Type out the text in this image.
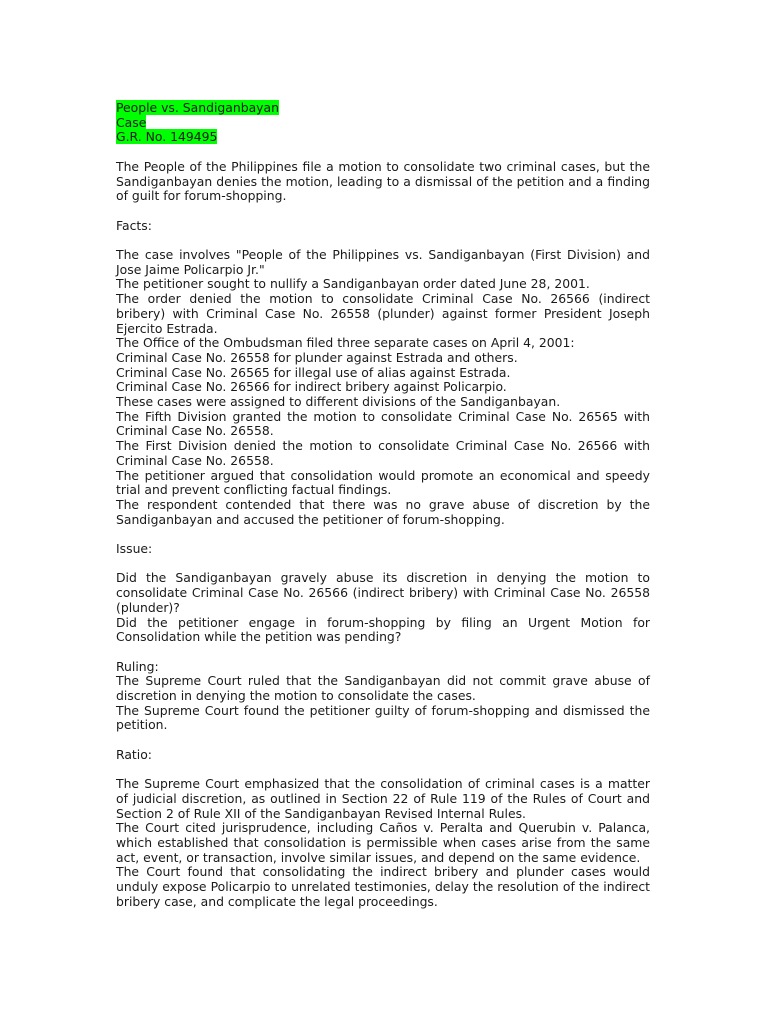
People vs. Sandiganbayan
Case
G.R. No. 149495

The People of the Philippines file a motion to consolidate two criminal cases, but the Sandiganbayan denies the motion, leading to a dismissal of the petition and a finding of guilt for forum-shopping.

Facts:

The case involves "People of the Philippines vs. Sandiganbayan (First Division) and Jose Jaime Policarpio Jr."

The petitioner sought to nullify a Sandiganbayan order dated June 28, 2001.

The order denied the motion to consolidate Criminal Case No. 26566 (indirect bribery) with Criminal Case No. 26558 (plunder) against former President Joseph Ejercito Estrada.

The Office of the Ombudsman filed three separate cases on April 4, 2001:

Criminal Case No. 26558 for plunder against Estrada and others.

Criminal Case No. 26565 for illegal use of alias against Estrada.

Criminal Case No. 26566 for indirect bribery against Policarpio.

These cases were assigned to different divisions of the Sandiganbayan.

The Fifth Division granted the motion to consolidate Criminal Case No. 26565 with Criminal Case No. 26558.

The First Division denied the motion to consolidate Criminal Case No. 26566 with Criminal Case No. 26558.

The petitioner argued that consolidation would promote an economical and speedy trial and prevent conflicting factual findings.

The respondent contended that there was no grave abuse of discretion by the Sandiganbayan and accused the petitioner of forum-shopping.

Issue:

Did the Sandiganbayan gravely abuse its discretion in denying the motion to consolidate Criminal Case No. 26566 (indirect bribery) with Criminal Case No. 26558 (plunder)?

Did the petitioner engage in forum-shopping by filing an Urgent Motion for Consolidation while the petition was pending?

Ruling:

The Supreme Court ruled that the Sandiganbayan did not commit grave abuse of discretion in denying the motion to consolidate the cases.

The Supreme Court found the petitioner guilty of forum-shopping and dismissed the petition.

Ratio:

The Supreme Court emphasized that the consolidation of criminal cases is a matter of judicial discretion, as outlined in Section 22 of Rule 119 of the Rules of Court and Section 2 of Rule XII of the Sandiganbayan Revised Internal Rules.

The Court cited jurisprudence, including Caños v. Peralta and Querubin v. Palanca, which established that consolidation is permissible when cases arise from the same act, event, or transaction, involve similar issues, and depend on the same evidence.

The Court found that consolidating the indirect bribery and plunder cases would unduly expose Policarpio to unrelated testimonies, delay the resolution of the indirect bribery case, and complicate the legal proceedings.
